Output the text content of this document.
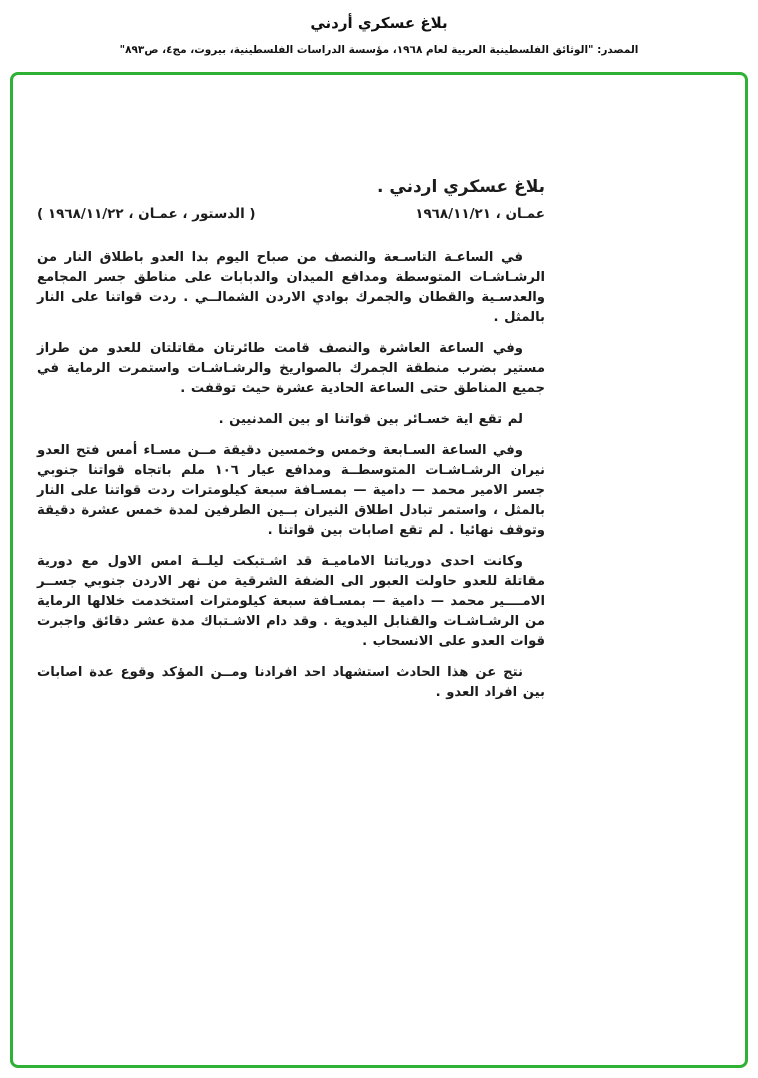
بلاغ عسكري أردني
المصدر: "الوثائق الفلسطينية العربية لعام ١٩٦٨، مؤسسة الدراسات الفلسطينية، بيروت، مج٤، ص٨٩٣"
بلاغ عسكري اردني .
عمـان ، ١٩٦٨/١١/٢١
( الدستور ، عمـان ، ١٩٦٨/١١/٢٢ )

في الساعـة التاسـعة والنصف من صباح اليوم بدا العدو باطلاق النار من الرشـاشـات المتوسطة ومدافع الميدان والدبابات على مناطق جسر المجامع والعدسـية والقطان والجمرك بوادي الاردن الشمالــي . ردت قواتنا على النار بالمثل .

وفي الساعة العاشرة والنصف قامت طائرتان مقاتلتان للعدو من طراز مستير بضرب منطقة الجمرك بالصواريخ والرشـاشـات واستمرت الرماية في جميع المناطق حتى الساعة الحادية عشرة حيث توقفت .

لم تقع اية خسـائر بين قواتنا او بين المدنيين .

وفي الساعة السـابعة وخمس وخمسين دقيقة مــن مسـاء أمس فتح العدو نيران الرشـاشـات المتوسطــة ومدافع عيار ١٠٦ ملم باتجاه قواتنا جنوبي جسر الامير محمد — دامية — بمسـافة سبعة كيلومترات ردت قواتنا على النار بالمثل ، واستمر تبادل اطلاق النيران بــين الطرفين لمدة خمس عشرة دقيقة وتوقف نهائيا . لم تقع اصابات بين قواتنا .

وكانت احدى دورياتنا الاماميـة قد اشـتبكت ليلــة امس الاول مع دورية مقاتلة للعدو حاولت العبور الى الضفة الشرقية من نهر الاردن جنوبي جســر الامــــير محمد — دامية — بمسـافة سبعة كيلومترات استخدمت خلالها الرماية من الرشـاشـات والقنابل اليدوية . وقد دام الاشـتباك مدة عشر دقائق واجبرت قوات العدو على الانسحاب .

نتج عن هذا الحادث استشهاد احد افرادنا ومــن المؤكد وقوع عدة اصابات بين افراد العدو .
